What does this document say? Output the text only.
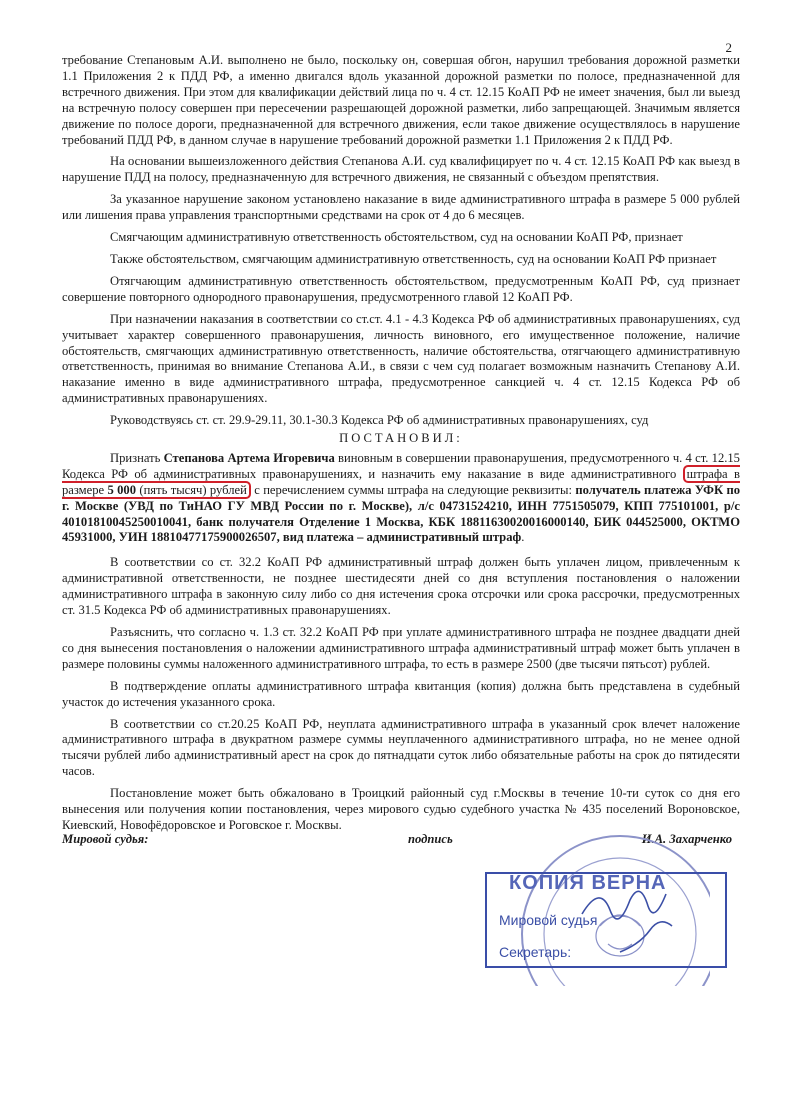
2

требование Степановым А.И. выполнено не было, поскольку он, совершая обгон, нарушил требования дорожной разметки 1.1 Приложения 2 к ПДД РФ, а именно двигался вдоль указанной дорожной разметки по полосе, предназначенной для встречного движения. При этом для квалификации действий лица по ч. 4 ст. 12.15 КоАП РФ не имеет значения, был ли выезд на встречную полосу совершен при пересечении разрешающей дорожной разметки, либо запрещающей. Значимым является движение по полосе дороги, предназначенной для встречного движения, если такое движение осуществлялось в нарушение требований ПДД РФ, в данном случае в нарушение требований дорожной разметки 1.1 Приложения 2 к ПДД РФ.

На основании вышеизложенного действия Степанова А.И. суд квалифицирует по ч. 4 ст. 12.15 КоАП РФ как выезд в нарушение ПДД на полосу, предназначенную для встречного движения, не связанный с объездом препятствия.

За указанное нарушение законом установлено наказание в виде административного штрафа в размере 5 000 рублей или лишения права управления транспортными средствами на срок от 4 до 6 месяцев.

Смягчающим административную ответственность обстоятельством, суд на основании КоАП РФ, признает

Также обстоятельством, смягчающим административную ответственность, суд на основании КоАП РФ признает

Отягчающим административную ответственность обстоятельством, предусмотренным КоАП РФ, суд признает совершение повторного однородного правонарушения, предусмотренного главой 12 КоАП РФ.

При назначении наказания в соответствии со ст.ст. 4.1 - 4.3 Кодекса РФ об административных правонарушениях, суд учитывает характер совершенного правонарушения, личность виновного, его имущественное положение, наличие обстоятельств, смягчающих административную ответственность, наличие обстоятельства, отягчающего административную ответственность, принимая во внимание Степанова А.И., в связи с чем суд полагает возможным назначить Степанову А.И. наказание именно в виде административного штрафа, предусмотренное санкцией ч. 4 ст. 12.15 Кодекса РФ об административных правонарушениях.

Руководствуясь ст. ст. 29.9-29.11, 30.1-30.3 Кодекса РФ об административных правонарушениях, суд

ПОСТАНОВИЛ:

Признать Степанова Артема Игоревича виновным в совершении правонарушения, предусмотренного ч. 4 ст. 12.15 Кодекса РФ об административных правонарушениях, и назначить ему наказание в виде административного штрафа в размере 5 000 (пять тысяч) рублей с перечислением суммы штрафа на следующие реквизиты: получатель платежа УФК по г. Москве (УВД по ТиНАО ГУ МВД России по г. Москве), л/с 04731524210, ИНН 7751505079, КПП 775101001, р/с 40101810045250010041, банк получателя Отделение 1 Москва, КБК 18811630020016000140, БИК 044525000, ОКТМО 45931000, УИН 18810477175900026507, вид платежа – административный штраф.

В соответствии со ст. 32.2 КоАП РФ административный штраф должен быть уплачен лицом, привлеченным к административной ответственности, не позднее шестидесяти дней со дня вступления постановления о наложении административного штрафа в законную силу либо со дня истечения срока отсрочки или срока рассрочки, предусмотренных ст. 31.5 Кодекса РФ об административных правонарушениях.

Разъяснить, что согласно ч. 1.3 ст. 32.2 КоАП РФ при уплате административного штрафа не позднее двадцати дней со дня вынесения постановления о наложении административного штрафа административный штраф может быть уплачен в размере половины суммы наложенного административного штрафа, то есть в размере 2500 (две тысячи пятьсот) рублей.

В подтверждение оплаты административного штрафа квитанция (копия) должна быть представлена в судебный участок до истечения указанного срока.

В соответствии со ст.20.25 КоАП РФ, неуплата административного штрафа в указанный срок влечет наложение административного штрафа в двукратном размере суммы неуплаченного административного штрафа, но не менее одной тысячи рублей либо административный арест на срок до пятнадцати суток либо обязательные работы на срок до пятидесяти часов.

Постановление может быть обжаловано в Троицкий районный суд г.Москвы в течение 10-ти суток со дня его вынесения или получения копии постановления, через мирового судью судебного участка № 435 поселений Вороновское, Киевский, Новофёдоровское и Роговское г. Москвы.

Мировой судья:	подпись	И.А. Захарченко
КОПИЯ ВЕРНА
Мировой судья
Секретарь:
